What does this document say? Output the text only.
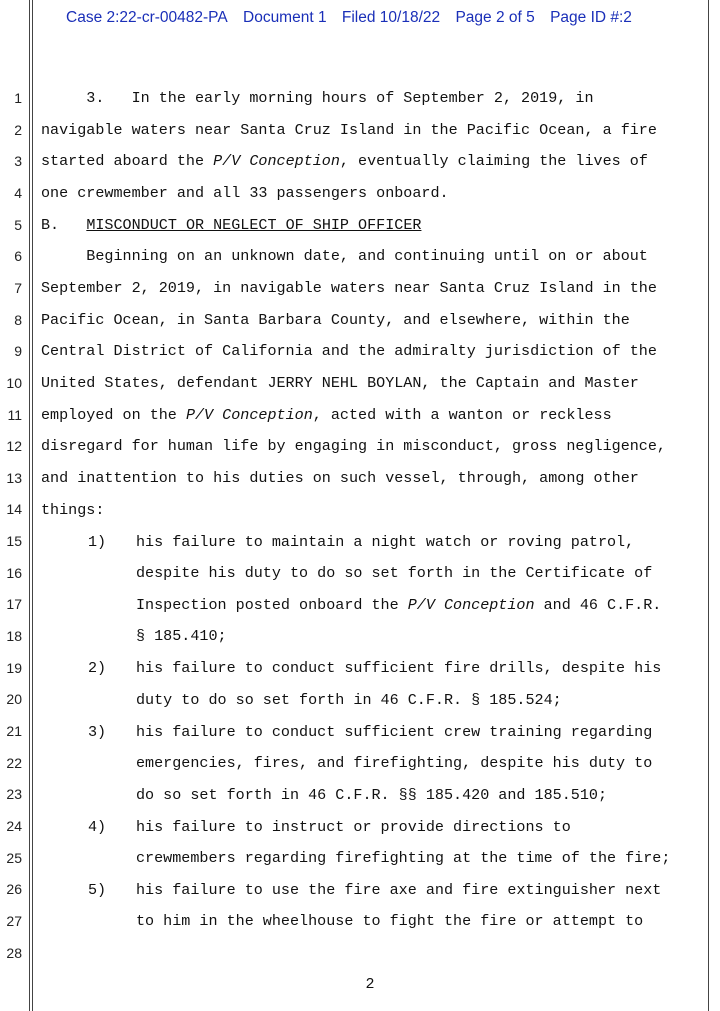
Case 2:22-cr-00482-PA Document 1 Filed 10/18/22 Page 2 of 5 Page ID #:2
1
2
3
4
5
6
7
8
9
10
11
12
13
14
15
16
17
18
19
20
21
22
23
24
25
26
27
28
3.   In the early morning hours of September 2, 2019, in
navigable waters near Santa Cruz Island in the Pacific Ocean, a fire
started aboard the P/V Conception, eventually claiming the lives of
one crewmember and all 33 passengers onboard.
B. MISCONDUCT OR NEGLECT OF SHIP OFFICER
Beginning on an unknown date, and continuing until on or about
September 2, 2019, in navigable waters near Santa Cruz Island in the
Pacific Ocean, in Santa Barbara County, and elsewhere, within the
Central District of California and the admiralty jurisdiction of the
United States, defendant JERRY NEHL BOYLAN, the Captain and Master
employed on the P/V Conception, acted with a wanton or reckless
disregard for human life by engaging in misconduct, gross negligence,
and inattention to his duties on such vessel, through, among other
things:
1) his failure to maintain a night watch or roving patrol,
despite his duty to do so set forth in the Certificate of
Inspection posted onboard the P/V Conception and 46 C.F.R.
§ 185.410;
2) his failure to conduct sufficient fire drills, despite his
duty to do so set forth in 46 C.F.R. § 185.524;
3) his failure to conduct sufficient crew training regarding
emergencies, fires, and firefighting, despite his duty to
do so set forth in 46 C.F.R. §§ 185.420 and 185.510;
4) his failure to instruct or provide directions to
crewmembers regarding firefighting at the time of the fire;
5) his failure to use the fire axe and fire extinguisher next
to him in the wheelhouse to fight the fire or attempt to
2
